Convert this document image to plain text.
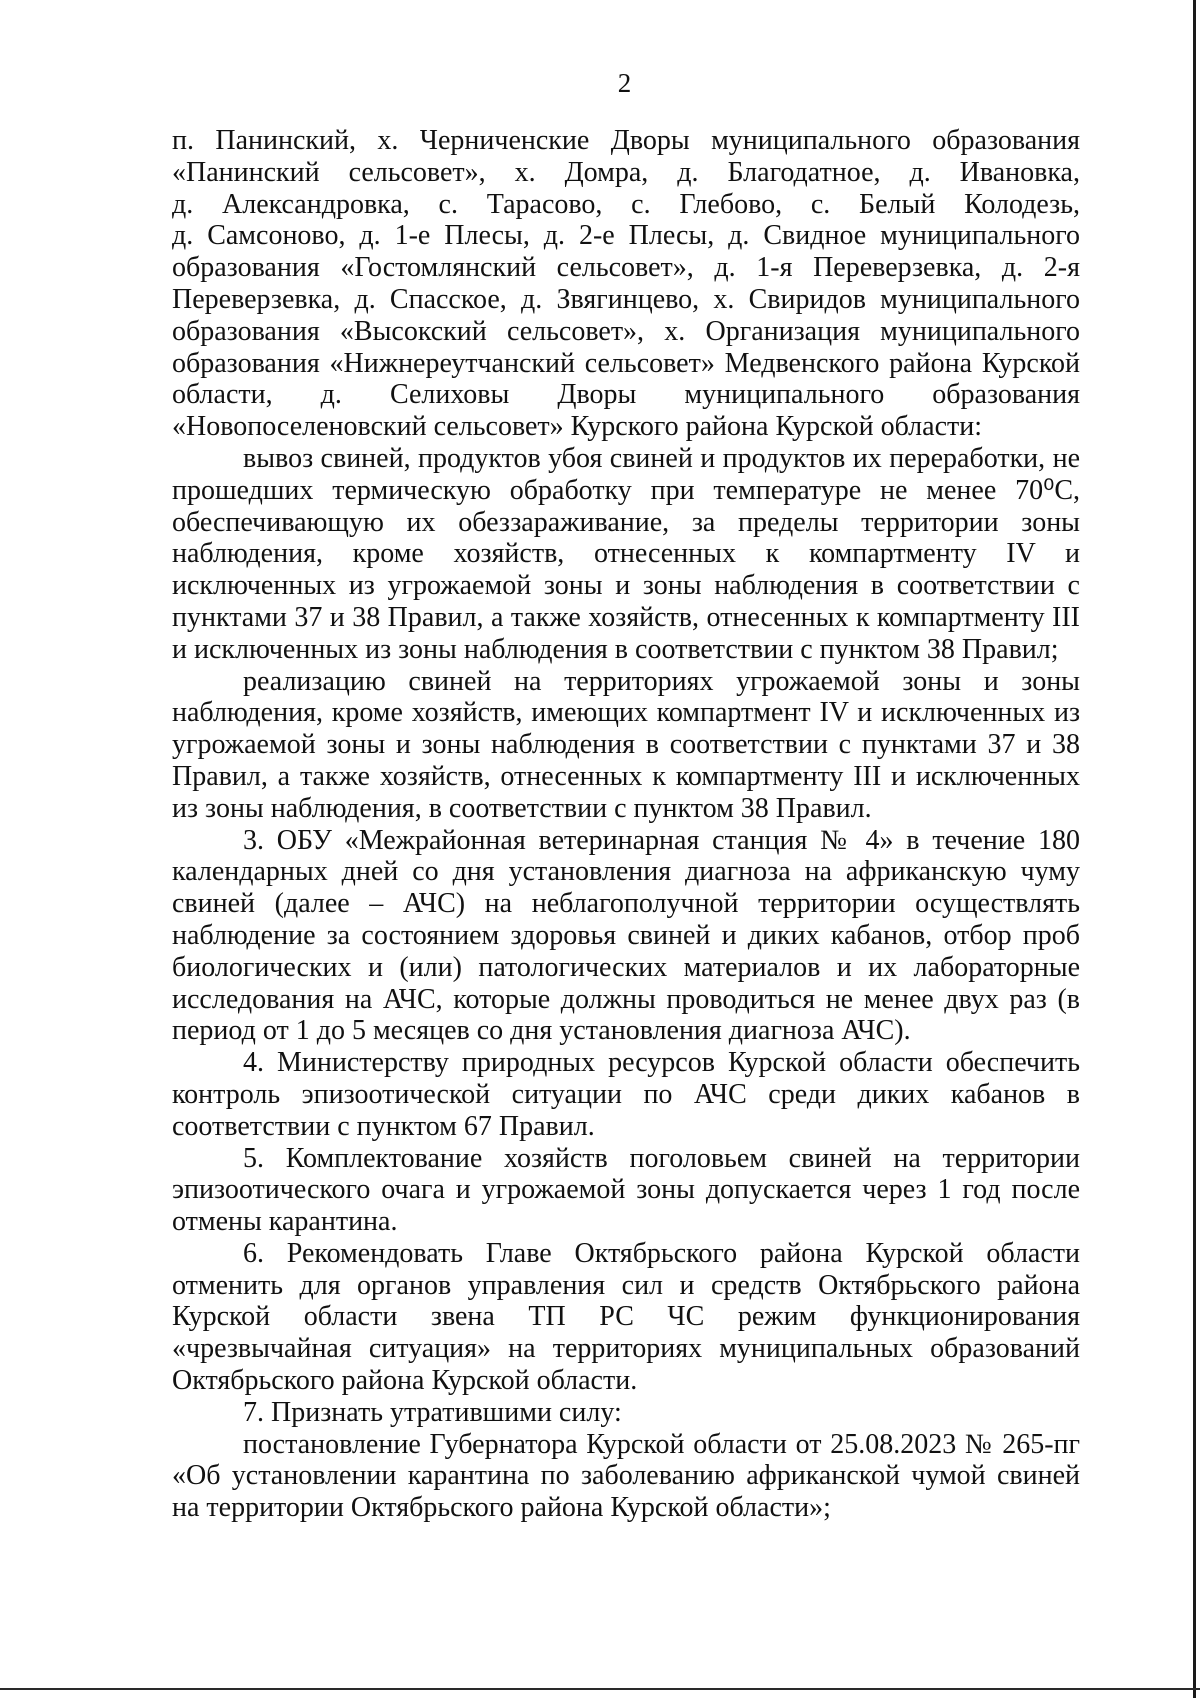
2

п. Панинский, х. Черниченские Дворы муниципального образования
«Панинский сельсовет», х. Домра, д. Благодатное, д. Ивановка,
д. Александровка, с. Тарасово, с. Глебово, с. Белый Колодезь,
д. Самсоново, д. 1-е Плесы, д. 2-е Плесы, д. Свидное муниципального
образования «Гостомлянский сельсовет», д. 1-я Переверзевка, д. 2-я
Переверзевка, д. Спасское, д. Звягинцево, х. Свиридов муниципального
образования «Высокский сельсовет», х. Организация муниципального
образования «Нижнереутчанский сельсовет» Медвенского района Курской
области, д. Селиховы Дворы муниципального образования
«Новопоселеновский сельсовет» Курского района Курской области:

вывоз свиней, продуктов убоя свиней и продуктов их переработки, не прошедших термическую обработку при температуре не менее 70⁰С, обеспечивающую их обеззараживание, за пределы территории зоны наблюдения, кроме хозяйств, отнесенных к компартменту IV и исключенных из угрожаемой зоны и зоны наблюдения в соответствии с пунктами 37 и 38 Правил, а также хозяйств, отнесенных к компартменту III и исключенных из зоны наблюдения в соответствии с пунктом 38 Правил;

реализацию свиней на территориях угрожаемой зоны и зоны наблюдения, кроме хозяйств, имеющих компартмент IV и исключенных из угрожаемой зоны и зоны наблюдения в соответствии с пунктами 37 и 38 Правил, а также хозяйств, отнесенных к компартменту III и исключенных из зоны наблюдения, в соответствии с пунктом 38 Правил.

3. ОБУ «Межрайонная ветеринарная станция № 4» в течение 180 календарных дней со дня установления диагноза на африканскую чуму свиней (далее – АЧС) на неблагополучной территории осуществлять наблюдение за состоянием здоровья свиней и диких кабанов, отбор проб биологических и (или) патологических материалов и их лабораторные исследования на АЧС, которые должны проводиться не менее двух раз (в период от 1 до 5 месяцев со дня установления диагноза АЧС).

4. Министерству природных ресурсов Курской области обеспечить контроль эпизоотической ситуации по АЧС среди диких кабанов в соответствии с пунктом 67 Правил.

5. Комплектование хозяйств поголовьем свиней на территории эпизоотического очага и угрожаемой зоны допускается через 1 год после отмены карантина.

6. Рекомендовать Главе Октябрьского района Курской области отменить для органов управления сил и средств Октябрьского района Курской области звена ТП РС ЧС режим функционирования «чрезвычайная ситуация» на территориях муниципальных образований Октябрьского района Курской области.

7. Признать утратившими силу:

постановление Губернатора Курской области от 25.08.2023 № 265-пг «Об установлении карантина по заболеванию африканской чумой свиней на территории Октябрьского района Курской области»;
